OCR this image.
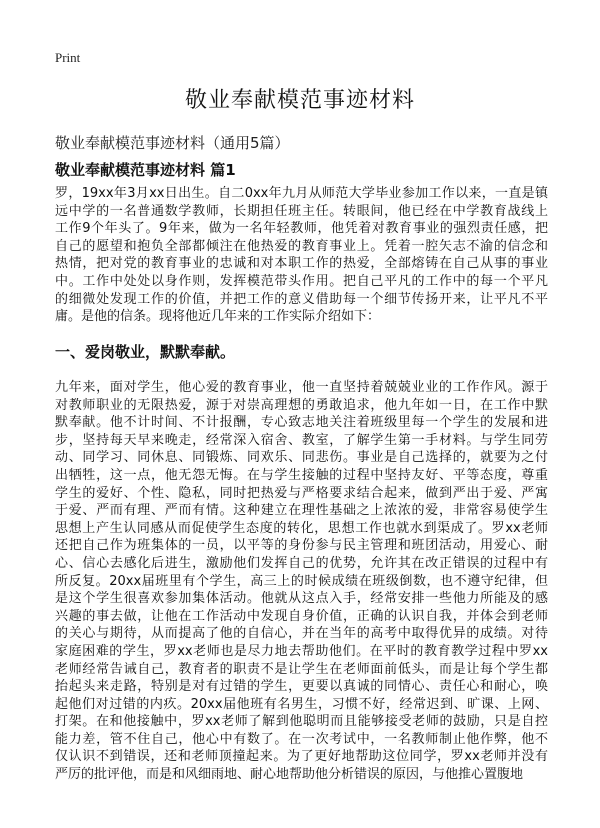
Print
敬业奉献模范事迹材料
敬业奉献模范事迹材料（通用5篇）
敬业奉献模范事迹材料 篇1
罗，19xx年3月xx日出生。自二0xx年九月从师范大学毕业参加工作以来，一直是镇
远中学的一名普通数学教师，长期担任班主任。转眼间，他已经在中学教育战线上
工作9个年头了。9年来，做为一名年轻教师，他凭着对教育事业的强烈责任感，把
自己的愿望和抱负全部都倾注在他热爱的教育事业上。凭着一腔矢志不渝的信念和
热情，把对党的教育事业的忠诚和对本职工作的热爱，全部熔铸在自己从事的事业
中。工作中处处以身作则，发挥模范带头作用。把自己平凡的工作中的每一个平凡
的细微处发现工作的价值，并把工作的意义借助每一个细节传扬开来，让平凡不平
庸。是他的信条。现将他近几年来的工作实际介绍如下：
一、爱岗敬业，默默奉献。
九年来，面对学生，他心爱的教育事业，他一直坚持着兢兢业业的工作作风。源于
对教师职业的无限热爱，源于对崇高理想的勇敢追求，他九年如一日，在工作中默
默奉献。他不计时间、不计报酬，专心致志地关注着班级里每一个学生的发展和进
步，坚持每天早来晚走，经常深入宿舍、教室，了解学生第一手材料。与学生同劳
动、同学习、同休息、同锻炼、同欢乐、同悲伤。事业是自己选择的，就要为之付
出牺牲，这一点，他无怨无悔。在与学生接触的过程中坚持友好、平等态度，尊重
学生的爱好、个性、隐私，同时把热爱与严格要求结合起来，做到严出于爱、严寓
于爱、严而有理、严而有情。这种建立在理性基础之上浓浓的爱，非常容易使学生
思想上产生认同感从而促使学生态度的转化，思想工作也就水到渠成了。罗xx老师
还把自己作为班集体的一员，以平等的身份参与民主管理和班团活动，用爱心、耐
心、信心去感化后进生，激励他们发挥自己的优势，允许其在改正错误的过程中有
所反复。20xx届班里有个学生，高三上的时候成绩在班级倒数，也不遵守纪律，但
是这个学生很喜欢参加集体活动。他就从这点入手，经常安排一些他力所能及的感
兴趣的事去做，让他在工作活动中发现自身价值，正确的认识自我，并体会到老师
的关心与期待，从而提高了他的自信心，并在当年的高考中取得优异的成绩。对待
家庭困难的学生，罗xx老师也是尽力地去帮助他们。在平时的教育教学过程中罗xx
老师经常告诫自己，教育者的职责不是让学生在老师面前低头，而是让每个学生都
抬起头来走路，特别是对有过错的学生，更要以真诚的同情心、责任心和耐心，唤
起他们对过错的内疚。20xx届他班有名男生，习惯不好，经常迟到、旷课、上网、
打架。在和他接触中，罗xx老师了解到他聪明而且能够接受老师的鼓励，只是自控
能力差，管不住自己，他心中有数了。在一次考试中，一名教师制止他作弊，他不
仅认识不到错误，还和老师顶撞起来。为了更好地帮助这位同学，罗xx老师并没有
严厉的批评他，而是和风细雨地、耐心地帮助他分析错误的原因，与他推心置腹地
